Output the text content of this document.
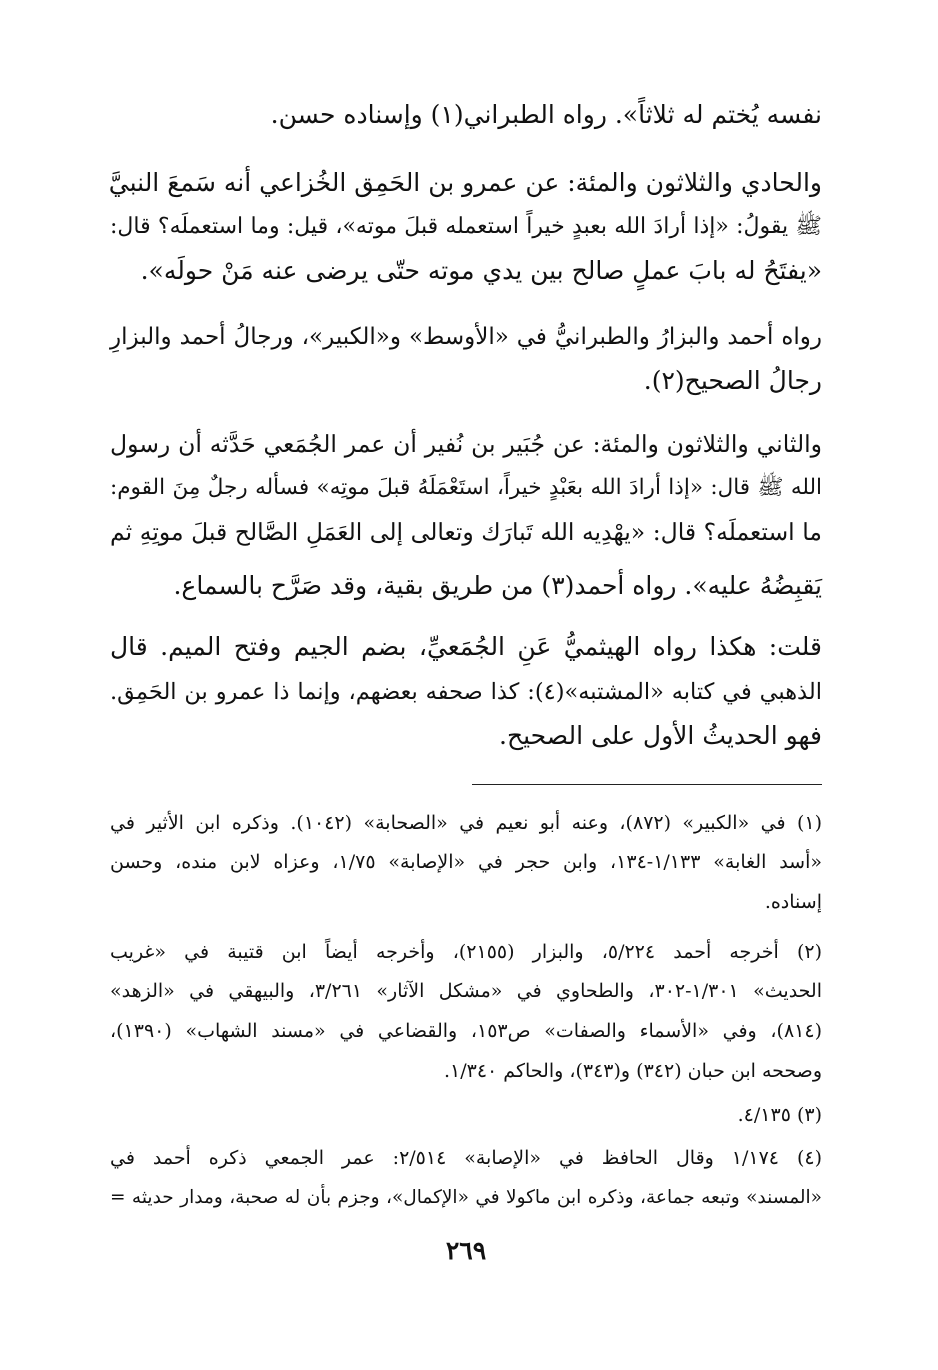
نفسه يُختم له ثلاثاً». رواه الطبراني(١) وإسناده حسن.
والحادي والثلاثون والمئة: عن عمرو بن الحَمِق الخُزاعي أنه سَمعَ النبيَّ
ﷺ يقولُ: «إذا أرادَ الله بعبدٍ خيراً استعمله قبلَ موته»، قيل: وما استعملَه؟ قال:
«يفتَحُ له بابَ عملٍ صالح بين يدي موته حتّى يرضى عنه مَنْ حولَه».
رواه أحمد والبزارُ والطبرانيُّ في «الأوسط» و«الكبير»، ورجالُ أحمد والبزارِ
رجالُ الصحيح(٢).
والثاني والثلاثون والمئة: عن جُبَير بن نُفير أن عمر الجُمَعي حَدَّثه أن رسول
الله ﷺ قال: «إذا أرادَ الله بعَبْدٍ خيراً، استَعْمَلَهُ قبلَ موتِه» فسأله رجلٌ مِنَ القوم:
ما استعملَه؟ قال: «يهْدِيه الله تَبارَك وتعالى إلى العَمَلِ الصَّالح قبلَ موتِهِ ثم
يَقبِضُهُ عليه». رواه أحمد(٣) من طريق بقية، وقد صَرَّح بالسماع.
قلت: هكذا رواه الهيثميُّ عَنِ الجُمَعيِّ، بضم الجيم وفتح الميم. قال
الذهبي في كتابه «المشتبه»(٤): كذا صحفه بعضهم، وإنما ذا عمرو بن الحَمِق.
فهو الحديثُ الأول على الصحيح.
(١) في «الكبير» (٨٧٢)، وعنه أبو نعيم في «الصحابة» (١٠٤٢). وذكره ابن الأثير في
«أسد الغابة» ١/١٣٣-١٣٤، وابن حجر في «الإصابة» ١/٧٥، وعزاه لابن منده، وحسن
إسناده.
(٢) أخرجه أحمد ٥/٢٢٤، والبزار (٢١٥٥)، وأخرجه أيضاً ابن قتيبة في «غريب
الحديث» ١/٣٠١-٣٠٢، والطحاوي في «مشكل الآثار» ٣/٢٦١، والبيهقي في «الزهد»
(٨١٤)، وفي «الأسماء والصفات» ص١٥٣، والقضاعي في «مسند الشهاب» (١٣٩٠)،
وصححه ابن حبان (٣٤٢) و(٣٤٣)، والحاكم ١/٣٤٠.
(٣) ٤/١٣٥.
(٤) ١/١٧٤ وقال الحافظ في «الإصابة» ٢/٥١٤: عمر الجمعي ذكره أحمد في
«المسند» وتبعه جماعة، وذكره ابن ماكولا في «الإكمال»، وجزم بأن له صحبة، ومدار حديثه =
٢٦٩
